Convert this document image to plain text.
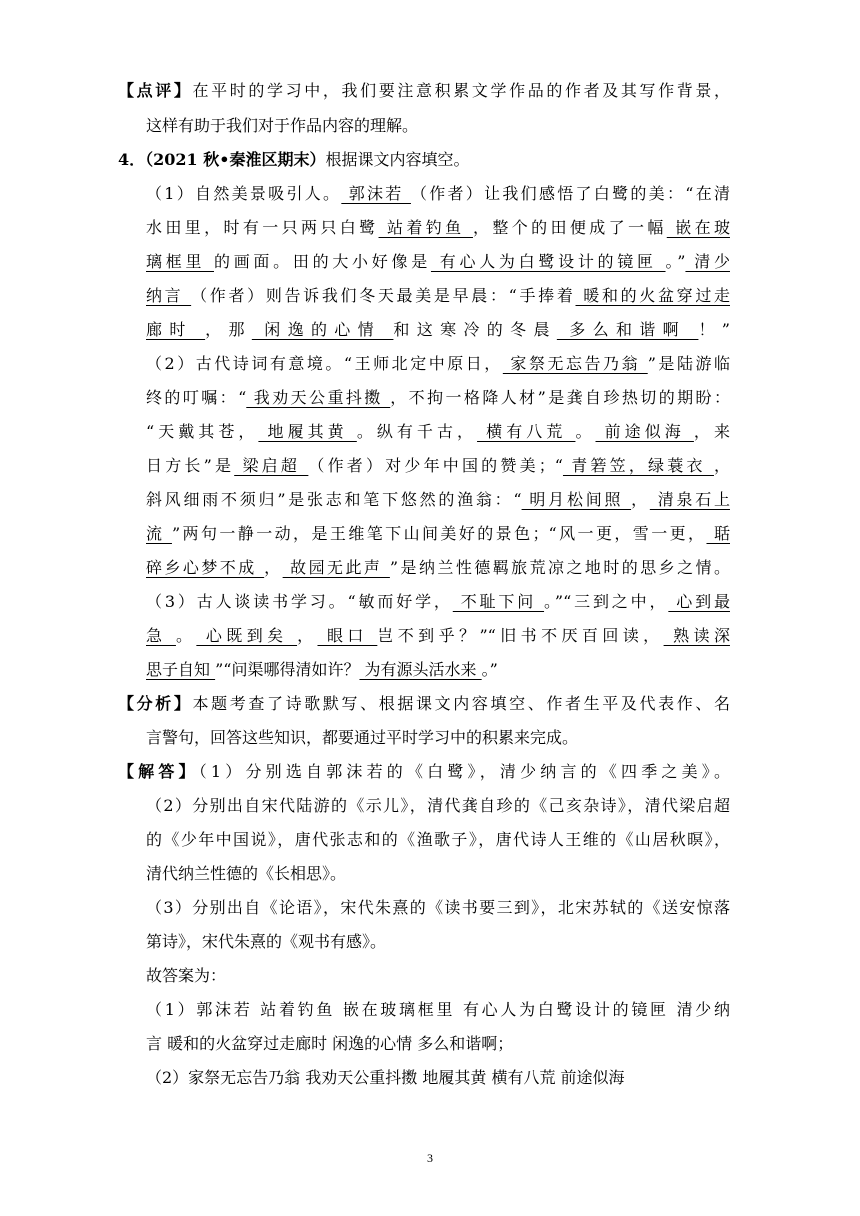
【点评】在平时的学习中，我们要注意积累文学作品的作者及其写作背景，
这样有助于我们对于作品内容的理解。
4．（2021 秋•秦淮区期末）根据课文内容填空。
（1）自然美景吸引人。 郭沫若 （作者）让我们感悟了白鹭的美：“在清
水田里，时有一只两只白鹭 站着钓鱼 ，整个的田便成了一幅 嵌在玻
璃框里 的画面。田的大小好像是 有心人为白鹭设计的镜匣 。” 清少
纳言 （作者）则告诉我们冬天最美是早晨：“手捧着 暖和的火盆穿过走
廊时 ，那 闲逸的心情 和这寒冷的冬晨 多么和谐啊 ！”
（2）古代诗词有意境。“王师北定中原日， 家祭无忘告乃翁 ”是陆游临
终的叮嘱：“ 我劝天公重抖擞 ，不拘一格降人材”是龚自珍热切的期盼：
“天戴其苍， 地履其黄 。纵有千古， 横有八荒 。 前途似海 ，来
日方长”是 梁启超 （作者）对少年中国的赞美；“ 青箬笠，绿蓑衣 ，
斜风细雨不须归”是张志和笔下悠然的渔翁：“ 明月松间照 ， 清泉石上
流 ”两句一静一动，是王维笔下山间美好的景色；“风一更，雪一更， 聒
碎乡心梦不成 ， 故园无此声 ”是纳兰性德羁旅荒凉之地时的思乡之情。
（3）古人谈读书学习。“敏而好学， 不耻下问 。”“三到之中， 心到最
急 。 心既到矣 ， 眼口 岂不到乎？”“旧书不厌百回读， 熟读深
思子自知 ”“问渠哪得清如许？ 为有源头活水来 。”
【分析】本题考查了诗歌默写、根据课文内容填空、作者生平及代表作、名
言警句，回答这些知识，都要通过平时学习中的积累来完成。
【解答】（1）分别选自郭沫若的《白鹭》，清少纳言的《四季之美》。
（2）分别出自宋代陆游的《示儿》，清代龚自珍的《己亥杂诗》，清代梁启超
的《少年中国说》，唐代张志和的《渔歌子》，唐代诗人王维的《山居秋暝》，
清代纳兰性德的《长相思》。
（3）分别出自《论语》，宋代朱熹的《读书要三到》，北宋苏轼的《送安惊落
第诗》，宋代朱熹的《观书有感》。
故答案为：
（1）郭沫若 站着钓鱼 嵌在玻璃框里 有心人为白鹭设计的镜匣 清少纳
言 暖和的火盆穿过走廊时 闲逸的心情 多么和谐啊；
（2）家祭无忘告乃翁 我劝天公重抖擞 地履其黄 横有八荒 前途似海
3
